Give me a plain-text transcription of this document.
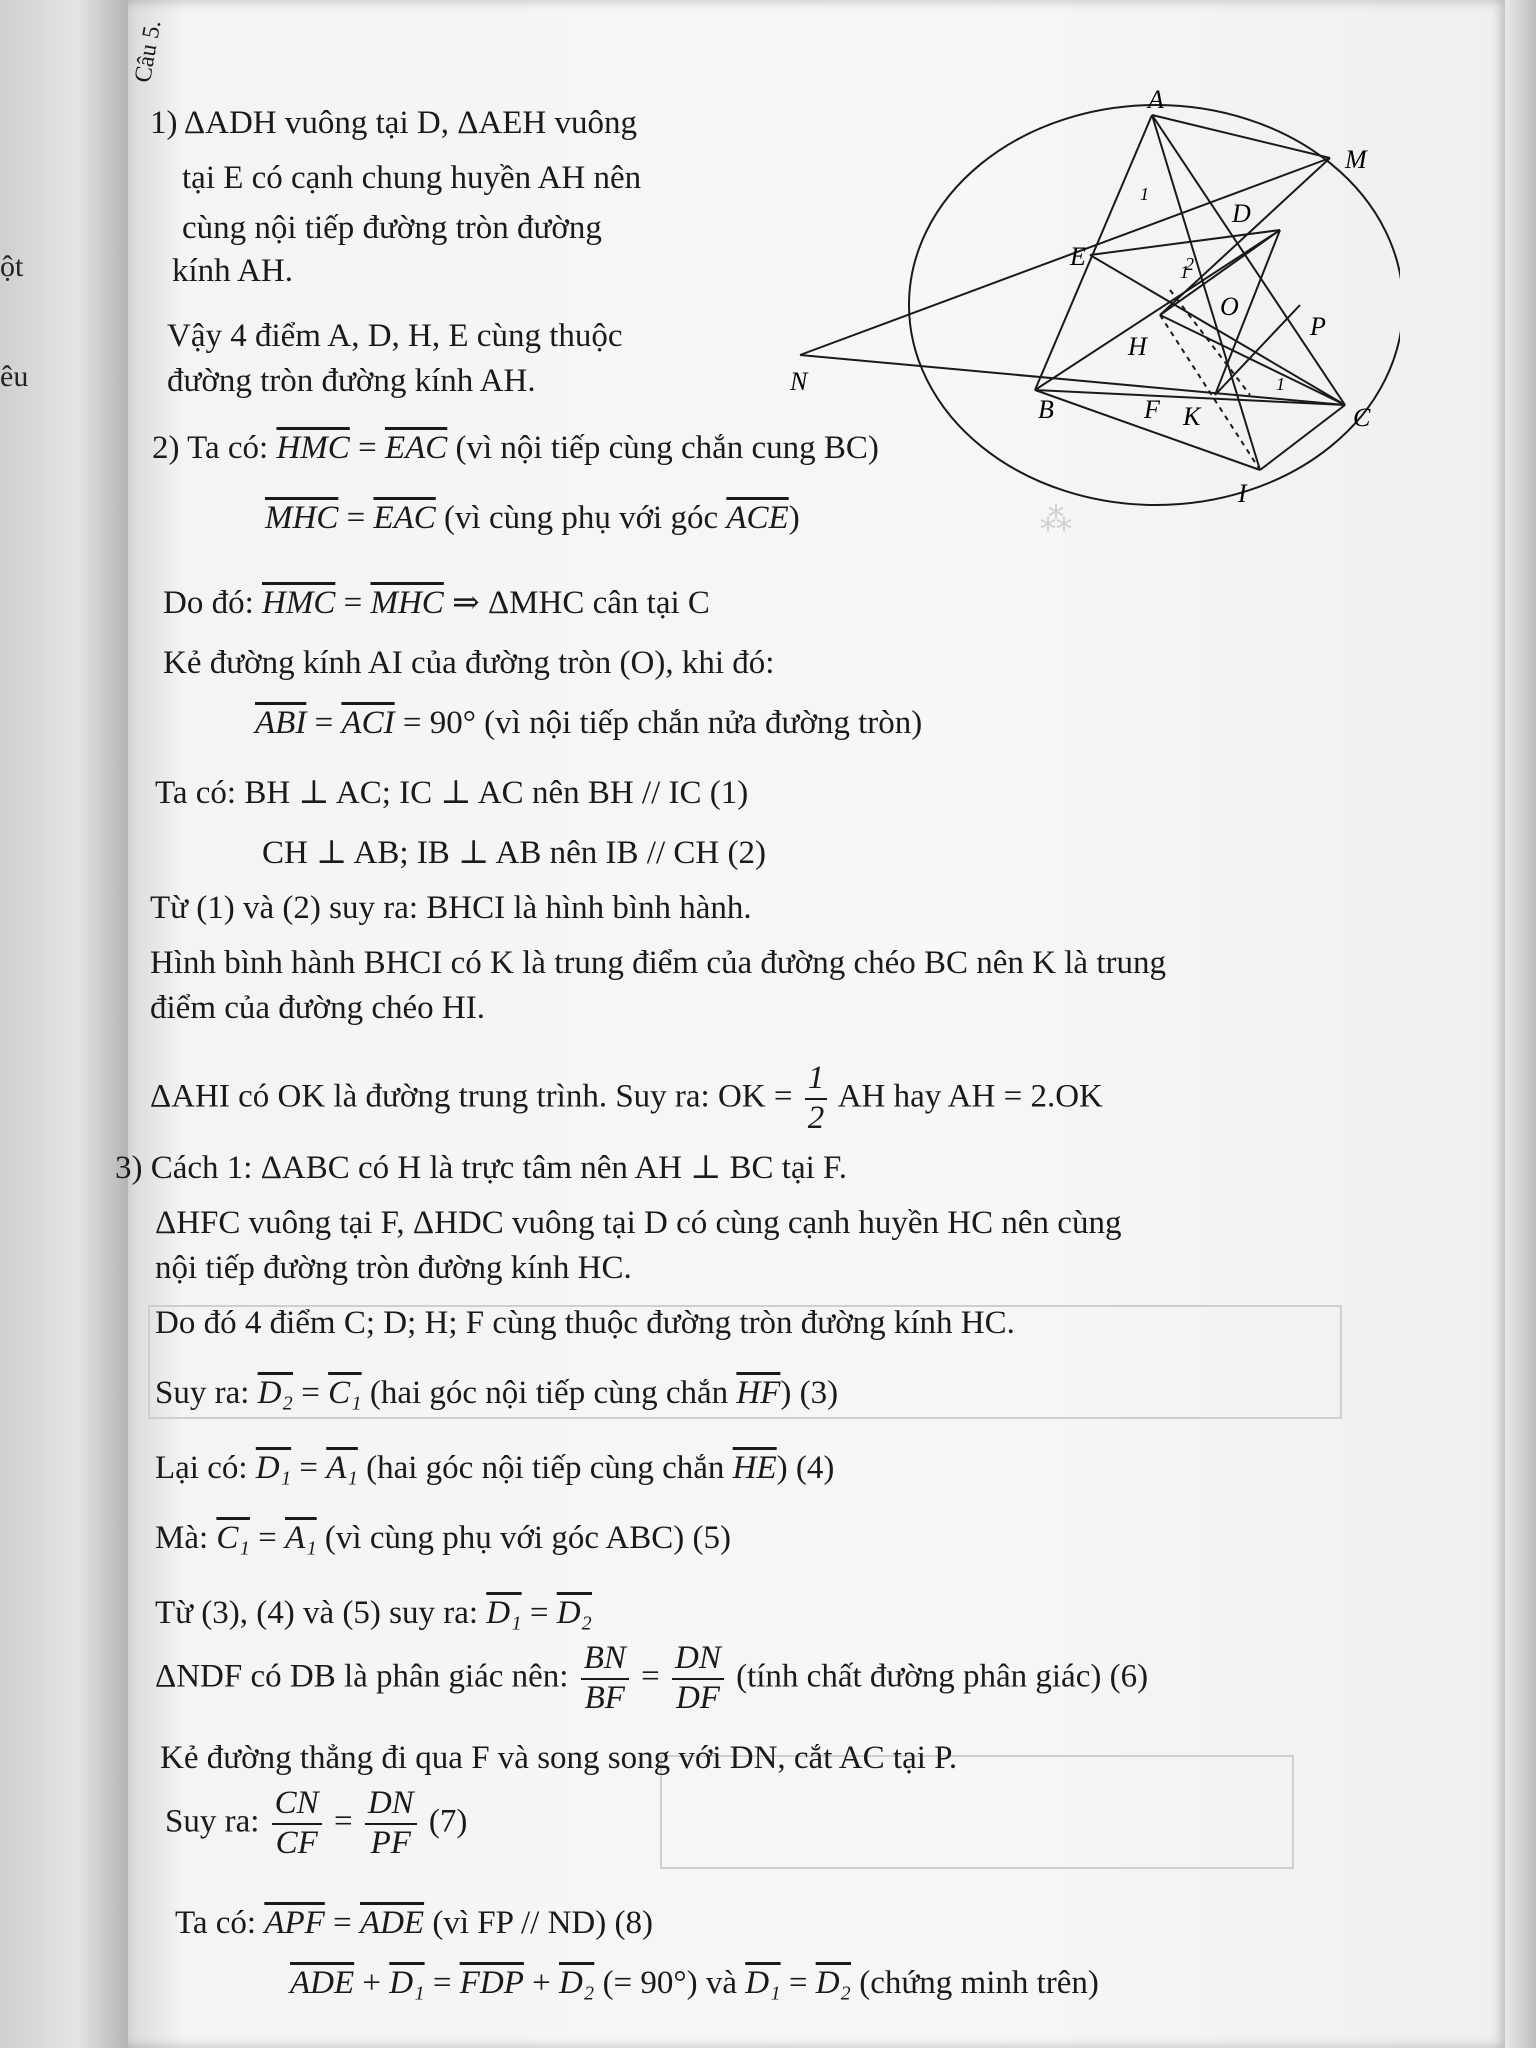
ột
êu
⁂
Câu 5.
1) ΔADH vuông tại D, ΔAEH vuông
tại E có cạnh chung huyền AH nên
cùng nội tiếp đường tròn đường
kính AH.
Vậy 4 điểm A, D, H, E cùng thuộc
đường tròn đường kính AH.
A
M
D
E
O
P
H
N
B	F K	C
I
1
2
1
1
2) Ta có: $\overline{HMC} = \overline{EAC}$ (vì nội tiếp cùng chắn cung BC)
$\overline{MHC} = \overline{EAC}$ (vì cùng phụ với góc $\overline{ACE}$)
Do đó: $\overline{HMC} = \overline{MHC}$ ⇒ ΔMHC cân tại C
Kẻ đường kính AI của đường tròn (O), khi đó:
$\overline{ABI} = \overline{ACI} = 90^\circ$ (vì nội tiếp chắn nửa đường tròn)
Ta có: BH ⊥ AC; IC ⊥ AC nên BH // IC (1)
CH ⊥ AB; IB ⊥ AB nên IB // CH (2)
Từ (1) và (2) suy ra: BHCI là hình bình hành.
Hình bình hành BHCI có K là trung điểm của đường chéo BC nên K là trung
điểm của đường chéo HI.
ΔAHI có OK là đường trung trình. Suy ra: OK = $\frac{1}{2}$ AH hay AH = 2.OK
3) Cách 1: ΔABC có H là trực tâm nên AH ⊥ BC tại F.
ΔHFC vuông tại F, ΔHDC vuông tại D có cùng cạnh huyền HC nên cùng
nội tiếp đường tròn đường kính HC.
Do đó 4 điểm C; D; H; F cùng thuộc đường tròn đường kính HC.
Suy ra: D₂ = C₁ (hai góc nội tiếp cùng chắn $\overline{HF}$) (3)
Lại có: D₁ = A₁ (hai góc nội tiếp cùng chắn $\overline{HE}$) (4)
Mà: C₁ = A₁ (vì cùng phụ với góc ABC) (5)
Từ (3), (4) và (5) suy ra: D₁ = D₂
ΔNDF có DB là phân giác nên: $\frac{BN}{BF} = \frac{DN}{DF}$ (tính chất đường phân giác) (6)
Kẻ đường thẳng đi qua F và song song với DN, cắt AC tại P.
Suy ra: $\frac{CN}{CF} = \frac{DN}{PF} (7)$
Ta có: $\overline{APF} = \overline{ADE}$ (vì FP // ND) (8)
$\overline{ADE} + D_1 = \overline{FDP} + D_2$ (= 90°) và D₁ = D₂ (chứng minh trên)
